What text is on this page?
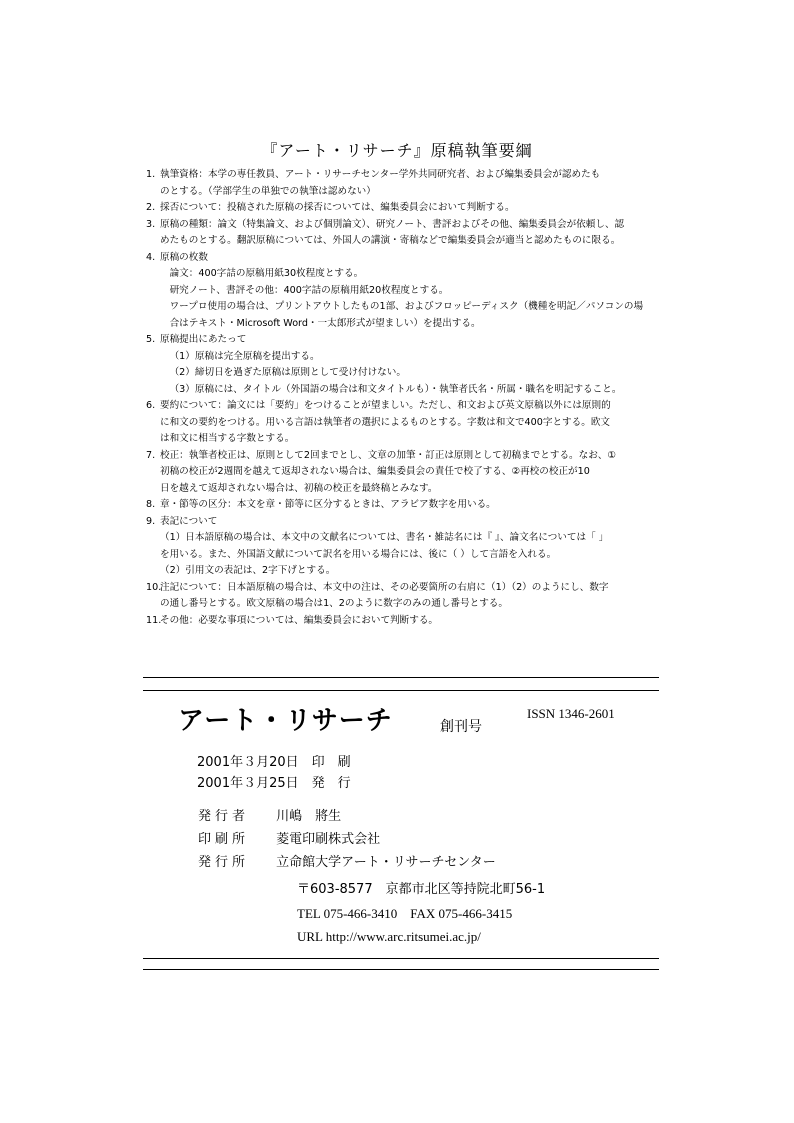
『アート・リサーチ』原稿執筆要綱
1. 執筆資格：本学の専任教員、アート・リサーチセンター学外共同研究者、および編集委員会が認めたも
のとする。（学部学生の単独での執筆は認めない）
2. 採否について：投稿された原稿の採否については、編集委員会において判断する。
3. 原稿の種類：論文（特集論文、および個別論文）、研究ノート、書評およびその他、編集委員会が依頼し、認
めたものとする。翻訳原稿については、外国人の講演・寄稿などで編集委員会が適当と認めたものに限る。
4. 原稿の枚数
論文：400字詰の原稿用紙30枚程度とする。
研究ノート、書評その他：400字詰の原稿用紙20枚程度とする。
ワープロ使用の場合は、プリントアウトしたもの1部、およびフロッピーディスク（機種を明記／パソコンの場
合はテキスト・Microsoft Word・一太郎形式が望ましい）を提出する。
5. 原稿提出にあたって
（1）原稿は完全原稿を提出する。
（2）締切日を過ぎた原稿は原則として受け付けない。
（3）原稿には、タイトル（外国語の場合は和文タイトルも）・執筆者氏名・所属・職名を明記すること。
6. 要約について：論文には「要約」をつけることが望ましい。ただし、和文および英文原稿以外には原則的
に和文の要約をつける。用いる言語は執筆者の選択によるものとする。字数は和文で400字とする。欧文
は和文に相当する字数とする。
7. 校正：執筆者校正は、原則として2回までとし、文章の加筆・訂正は原則として初稿までとする。なお、①
初稿の校正が2週間を越えて返却されない場合は、編集委員会の責任で校了する、②再校の校正が10
日を越えて返却されない場合は、初稿の校正を最終稿とみなす。
8. 章・節等の区分：本文を章・節等に区分するときは、アラビア数字を用いる。
9. 表記について
（1）日本語原稿の場合は、本文中の文献名については、書名・雑誌名には『 』、論文名については「 」
を用いる。また、外国語文献について訳名を用いる場合には、後に（ ）して言語を入れる。
（2）引用文の表記は、2字下げとする。
10.
注記について：日本語原稿の場合は、本文中の注は、その必要箇所の右肩に（1）（2）のようにし、数字
の通し番号とする。欧文原稿の場合は1、2のように数字のみの通し番号とする。
11.
その他：必要な事項については、編集委員会において判断する。
アート・リサーチ	創刊号
ISSN 1346-2601
2001年３月20日　印　刷
2001年３月25日　発　行
発行者 川嶋　將生
印刷所 菱電印刷株式会社
発行所 立命館大学アート・リサーチセンター
〒603-8577　京都市北区等持院北町56-1
TEL 075-466-3410　FAX 075-466-3415
URL http://www.arc.ritsumei.ac.jp/
